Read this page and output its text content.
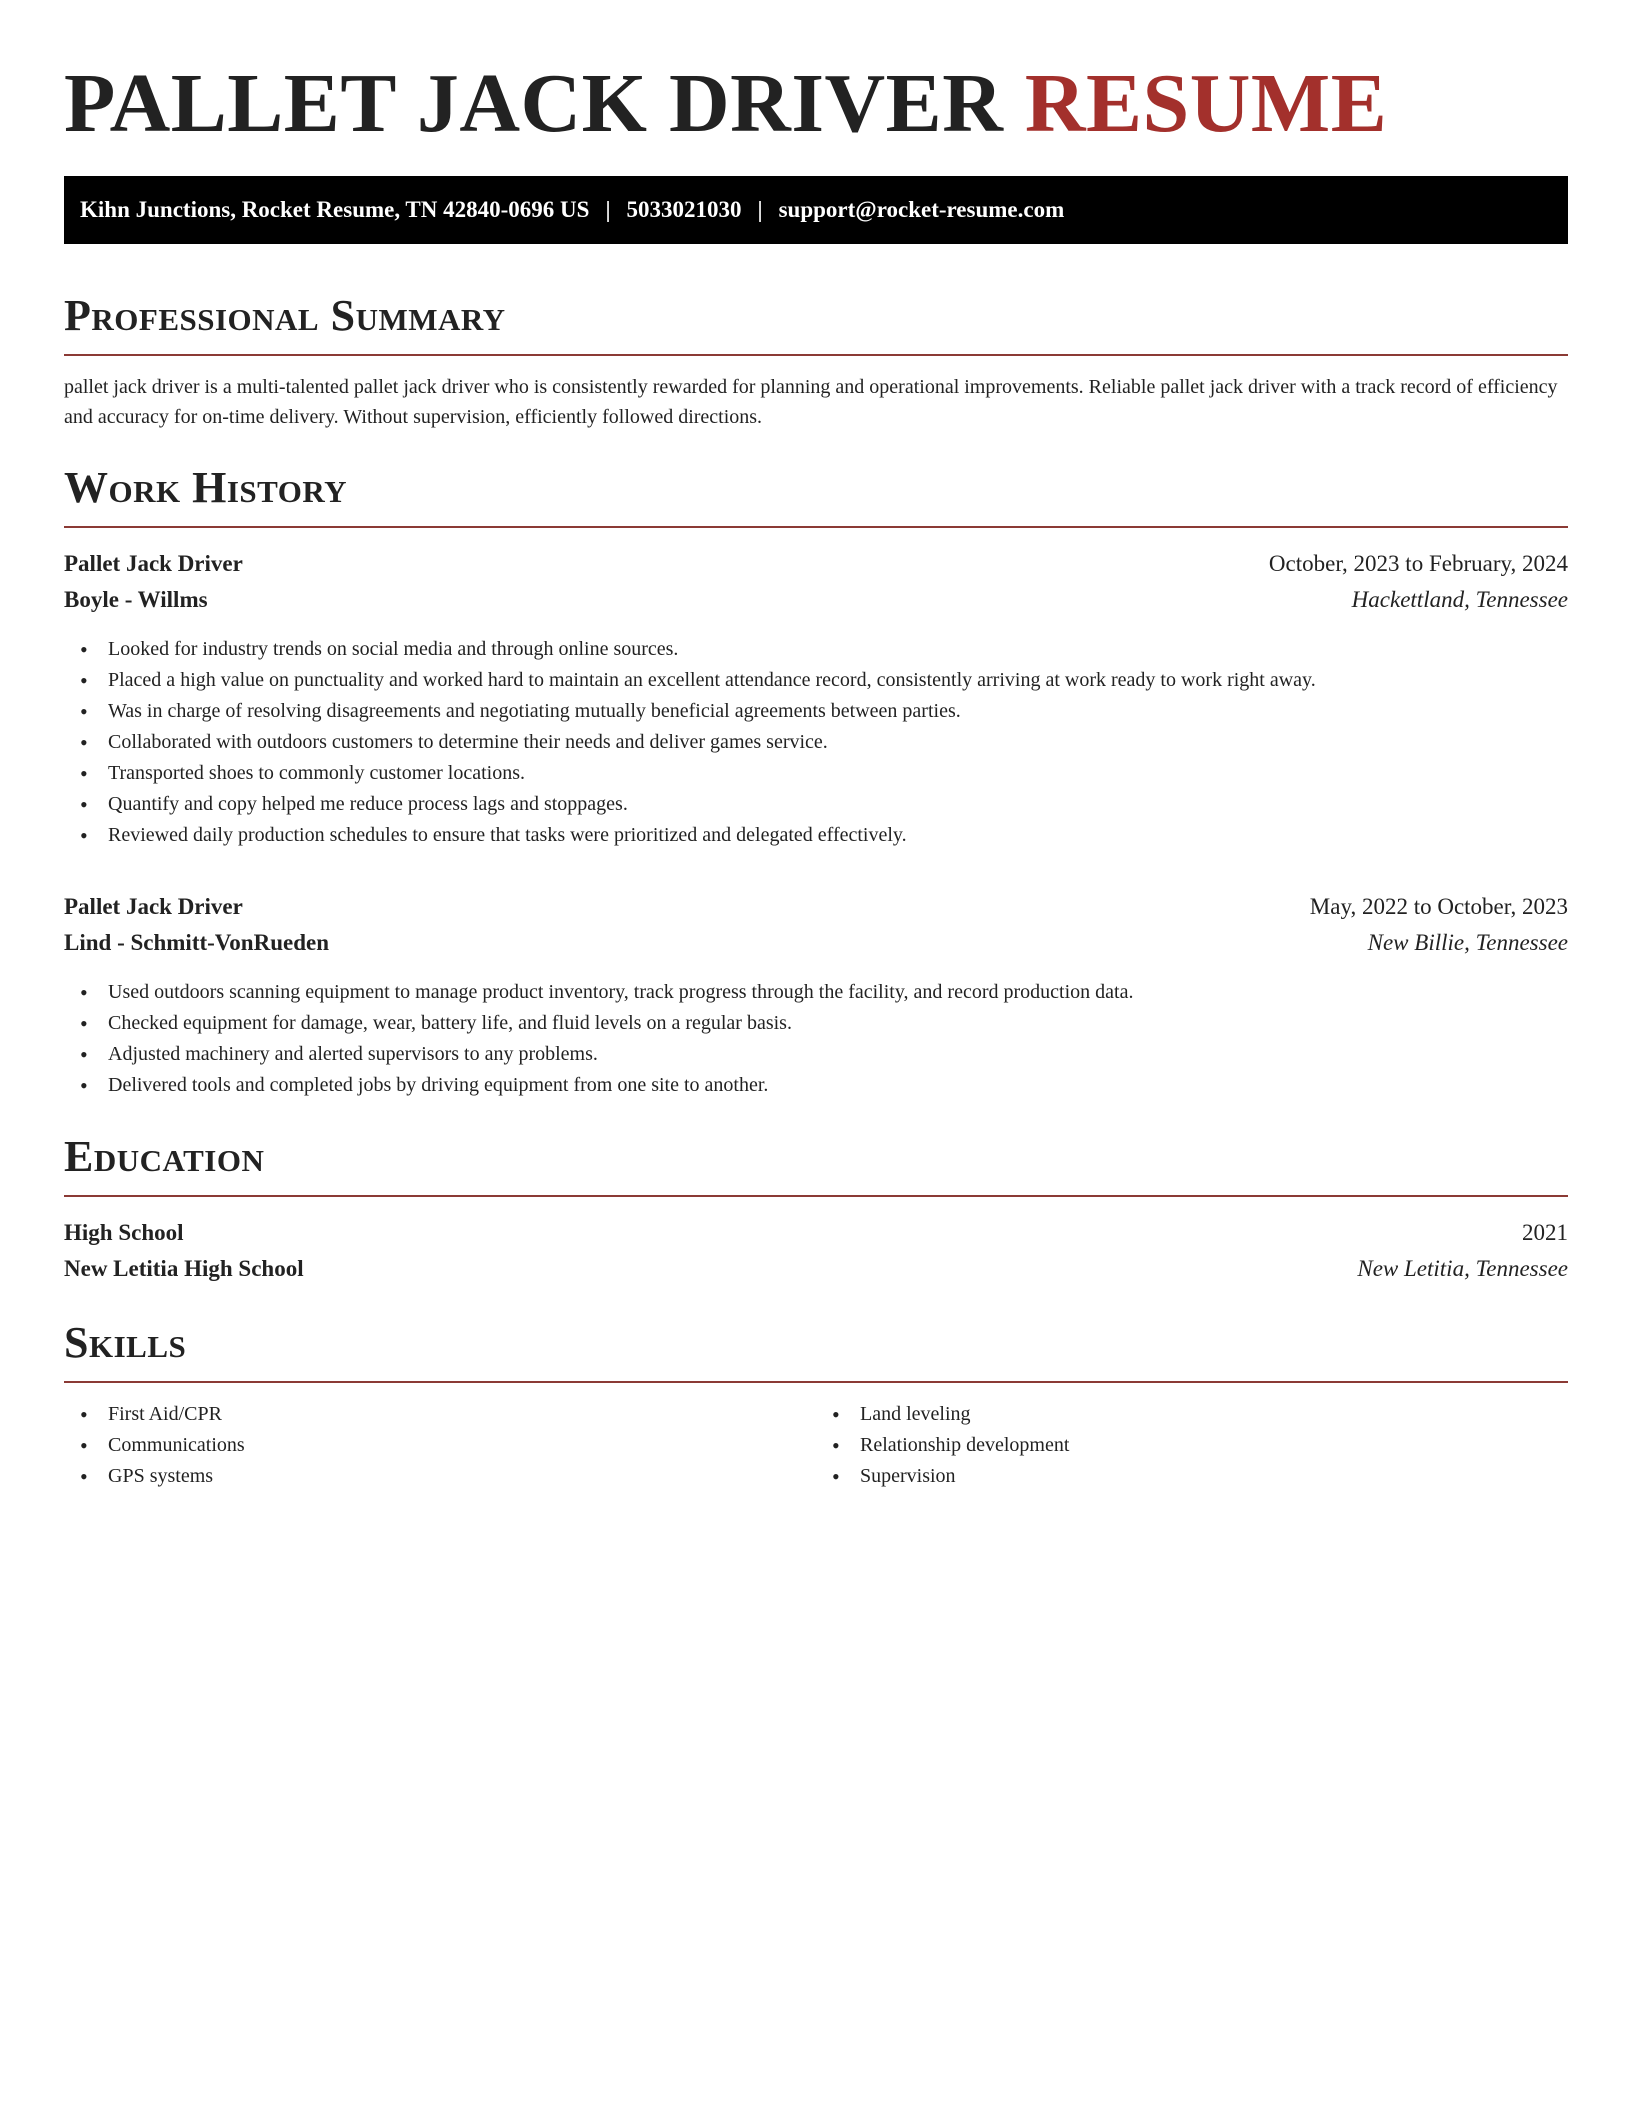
PALLET JACK DRIVER RESUME
Kihn Junctions, Rocket Resume, TN 42840-0696 US | 5033021030 | support@rocket-resume.com
Professional Summary

pallet jack driver is a multi-talented pallet jack driver who is consistently rewarded for planning and operational improvements. Reliable pallet jack driver with a track record of efficiency and accuracy for on-time delivery. Without supervision, efficiently followed directions.

Work History
Pallet Jack Driver	October, 2023 to February, 2024
Boyle - Willms	Hackettland, Tennessee
• Looked for industry trends on social media and through online sources.
• Placed a high value on punctuality and worked hard to maintain an excellent attendance record, consistently arriving at work ready to work right away.
• Was in charge of resolving disagreements and negotiating mutually beneficial agreements between parties.
• Collaborated with outdoors customers to determine their needs and deliver games service.
• Transported shoes to commonly customer locations.
• Quantify and copy helped me reduce process lags and stoppages.
• Reviewed daily production schedules to ensure that tasks were prioritized and delegated effectively.
Pallet Jack Driver	May, 2022 to October, 2023
Lind - Schmitt-VonRueden	New Billie, Tennessee
• Used outdoors scanning equipment to manage product inventory, track progress through the facility, and record production data.
• Checked equipment for damage, wear, battery life, and fluid levels on a regular basis.
• Adjusted machinery and alerted supervisors to any problems.
• Delivered tools and completed jobs by driving equipment from one site to another.
Education
High School	2021
New Letitia High School	New Letitia, Tennessee
Skills
• First Aid/CPR
• Communications
• GPS systems
• Land leveling
• Relationship development
• Supervision
